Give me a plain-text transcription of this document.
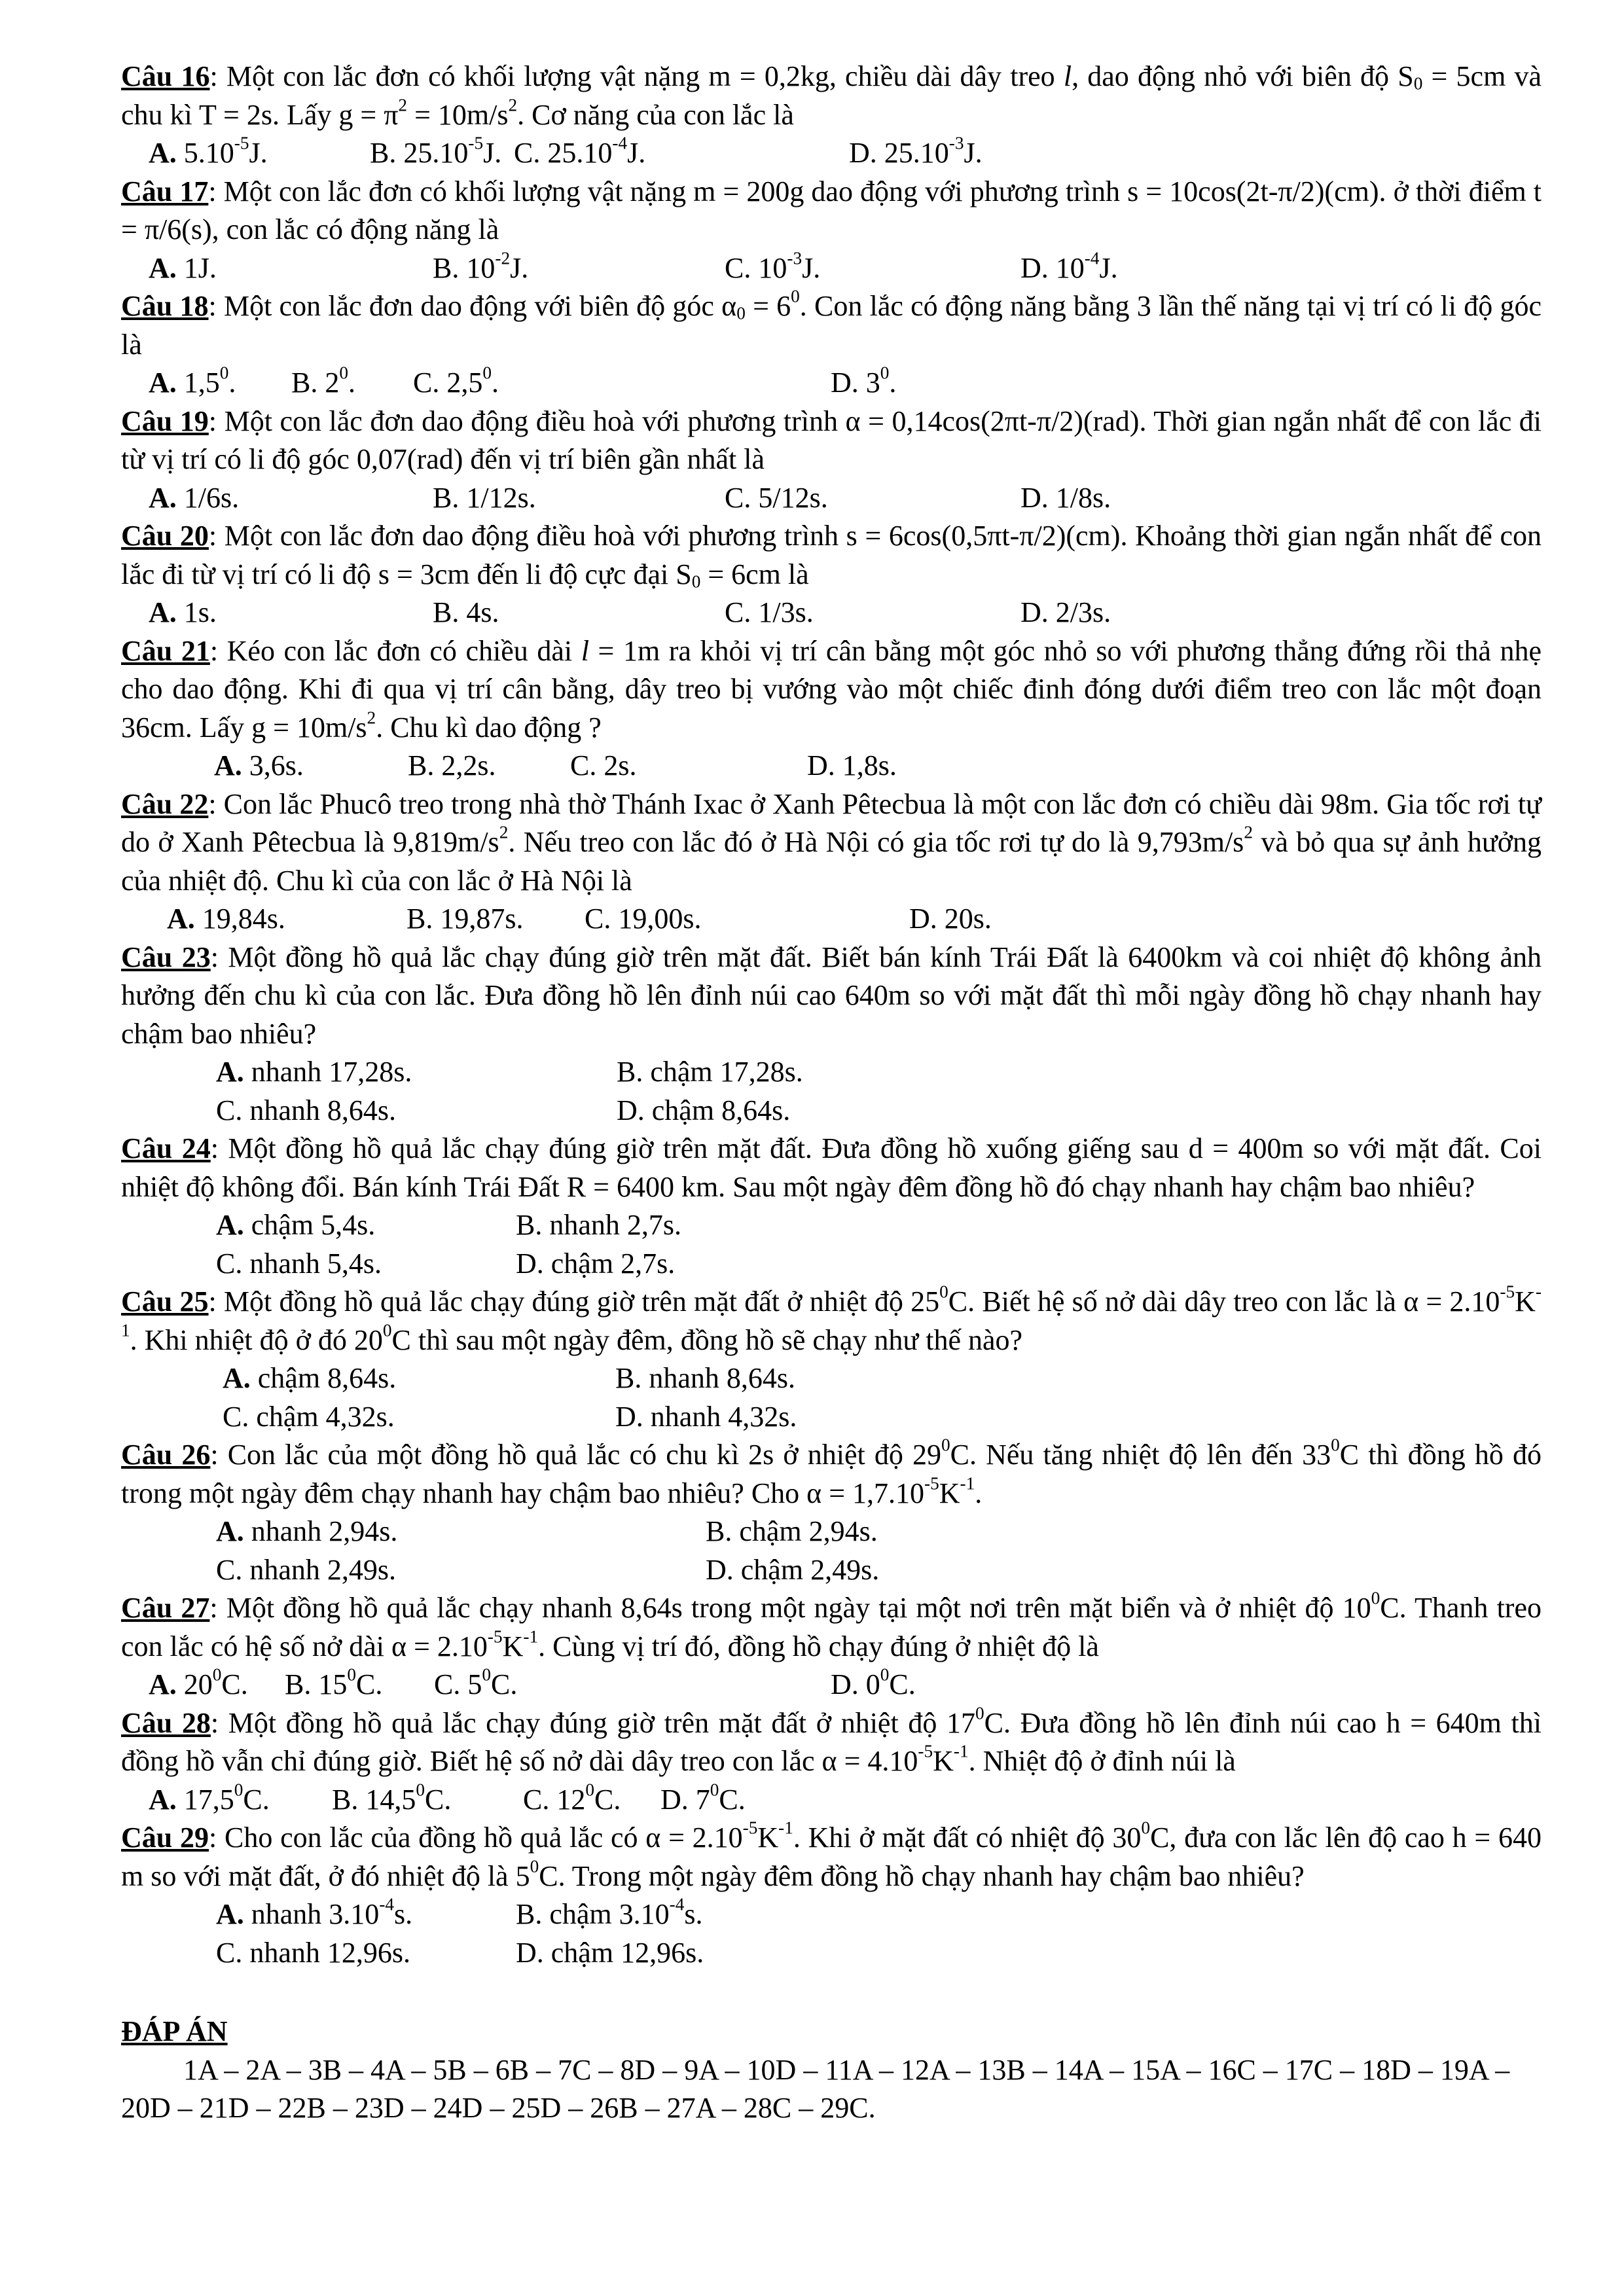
Câu 16: Một con lắc đơn có khối lượng vật nặng m = 0,2kg, chiều dài dây treo l, dao động nhỏ với biên độ $S_0 = 5cm$ và chu kì T = 2s. Lấy $g = \pi^2 = 10m/s^2$. Cơ năng của con lắc là
A. $5.10^{-5}J$.	B. $25.10^{-5}J$. C. $25.10^{-4}J$.	D. $25.10^{-3}J$.
Câu 17: Một con lắc đơn có khối lượng vật nặng m = 200g dao động với phương trình s = 10cos(2t-π/2)(cm). ở thời điểm t = π/6(s), con lắc có động năng là
A. 1J.	B. $10^{-2}J$.	C. $10^{-3}J$.	D. $10^{-4}J$.
Câu 18: Một con lắc đơn dao động với biên độ góc $\alpha_0 = 6^0$. Con lắc có động năng bằng 3 lần thế năng tại vị trí có li độ góc là
A. $1,5^0$. B. $2^0$. C. $2,5^0$.	D. $3^0$.
Câu 19: Một con lắc đơn dao động điều hoà với phương trình α = 0,14cos(2πt-π/2)(rad). Thời gian ngắn nhất để con lắc đi từ vị trí có li độ góc 0,07(rad) đến vị trí biên gần nhất là
A. 1/6s.	B. 1/12s.	C. 5/12s.	D. 1/8s.
Câu 20: Một con lắc đơn dao động điều hoà với phương trình s = 6cos(0,5πt-π/2)(cm). Khoảng thời gian ngắn nhất để con lắc đi từ vị trí có li độ s = 3cm đến li độ cực đại $S_0 = 6cm$ là
A. 1s.	B. 4s.	C. 1/3s.	D. 2/3s.
Câu 21: Kéo con lắc đơn có chiều dài l = 1m ra khỏi vị trí cân bằng một góc nhỏ so với phương thẳng đứng rồi thả nhẹ cho dao động. Khi đi qua vị trí cân bằng, dây treo bị vướng vào một chiếc đinh đóng dưới điểm treo con lắc một đoạn 36cm. Lấy $g = 10m/s^2$. Chu kì dao động ?
A. 3,6s.	B. 2,2s.	C. 2s.	D. 1,8s.
Câu 22: Con lắc Phucô treo trong nhà thờ Thánh Ixac ở Xanh Pêtecbua là một con lắc đơn có chiều dài 98m. Gia tốc rơi tự do ở Xanh Pêtecbua là $9,819m/s^2$. Nếu treo con lắc đó ở Hà Nội có gia tốc rơi tự do là $9,793m/s^2$ và bỏ qua sự ảnh hưởng của nhiệt độ. Chu kì của con lắc ở Hà Nội là
A. 19,84s.	B. 19,87s. C. 19,00s.	D. 20s.
Câu 23: Một đồng hồ quả lắc chạy đúng giờ trên mặt đất. Biết bán kính Trái Đất là 6400km và coi nhiệt độ không ảnh hưởng đến chu kì của con lắc. Đưa đồng hồ lên đỉnh núi cao 640m so với mặt đất thì mỗi ngày đồng hồ chạy nhanh hay chậm bao nhiêu?
A. nhanh 17,28s.	B. chậm 17,28s.
C. nhanh 8,64s.	D. chậm 8,64s.
Câu 24: Một đồng hồ quả lắc chạy đúng giờ trên mặt đất. Đưa đồng hồ xuống giếng sau d = 400m so với mặt đất. Coi nhiệt độ không đổi. Bán kính Trái Đất R = 6400 km. Sau một ngày đêm đồng hồ đó chạy nhanh hay chậm bao nhiêu?
A. chậm 5,4s.	B. nhanh 2,7s.
C. nhanh 5,4s.	D. chậm 2,7s.
Câu 25: Một đồng hồ quả lắc chạy đúng giờ trên mặt đất ở nhiệt độ $25^0C$. Biết hệ số nở dài dây treo con lắc là $\alpha = 2.10^{-5}K^{-1}$. Khi nhiệt độ ở đó $20^0C$ thì sau một ngày đêm, đồng hồ sẽ chạy như thế nào?
A. chậm 8,64s.	B. nhanh 8,64s.
C. chậm 4,32s.	D. nhanh 4,32s.
Câu 26: Con lắc của một đồng hồ quả lắc có chu kì 2s ở nhiệt độ $29^0C$. Nếu tăng nhiệt độ lên đến $33^0C$ thì đồng hồ đó trong một ngày đêm chạy nhanh hay chậm bao nhiêu? Cho $\alpha = 1,7.10^{-5}K^{-1}$.
A. nhanh 2,94s.	B. chậm 2,94s.
C. nhanh 2,49s.	D. chậm 2,49s.
Câu 27: Một đồng hồ quả lắc chạy nhanh 8,64s trong một ngày tại một nơi trên mặt biển và ở nhiệt độ $10^0C$. Thanh treo con lắc có hệ số nở dài $\alpha = 2.10^{-5}K^{-1}$. Cùng vị trí đó, đồng hồ chạy đúng ở nhiệt độ là
A. $20^0C$. B. $15^0C$. C. $5^0C$.	D. $0^0C$.
Câu 28: Một đồng hồ quả lắc chạy đúng giờ trên mặt đất ở nhiệt độ $17^0C$. Đưa đồng hồ lên đỉnh núi cao h = 640m thì đồng hồ vẫn chỉ đúng giờ. Biết hệ số nở dài dây treo con lắc $\alpha = 4.10^{-5}K^{-1}$. Nhiệt độ ở đỉnh núi là
A. 17,5$^0$C. B. 14,5$^0$C. C. $12^0C$. D. $7^0C$.
Câu 29: Cho con lắc của đồng hồ quả lắc có $\alpha = 2.10^{-5}K^{-1}$. Khi ở mặt đất có nhiệt độ $30^0C$, đưa con lắc lên độ cao h = 640 m so với mặt đất, ở đó nhiệt độ là $5^0C$. Trong một ngày đêm đồng hồ chạy nhanh hay chậm bao nhiêu?
A. nhanh $3.10^{-4}s$.	B. chậm $3.10^{-4}s$.
C. nhanh 12,96s.	D. chậm 12,96s.
ĐÁP ÁN

1A – 2A – 3B – 4A – 5B – 6B – 7C – 8D – 9A – 10D – 11A – 12A – 13B – 14A – 15A – 16C – 17C – 18D – 19A – 20D – 21D – 22B – 23D – 24D – 25D – 26B – 27A – 28C – 29C.
